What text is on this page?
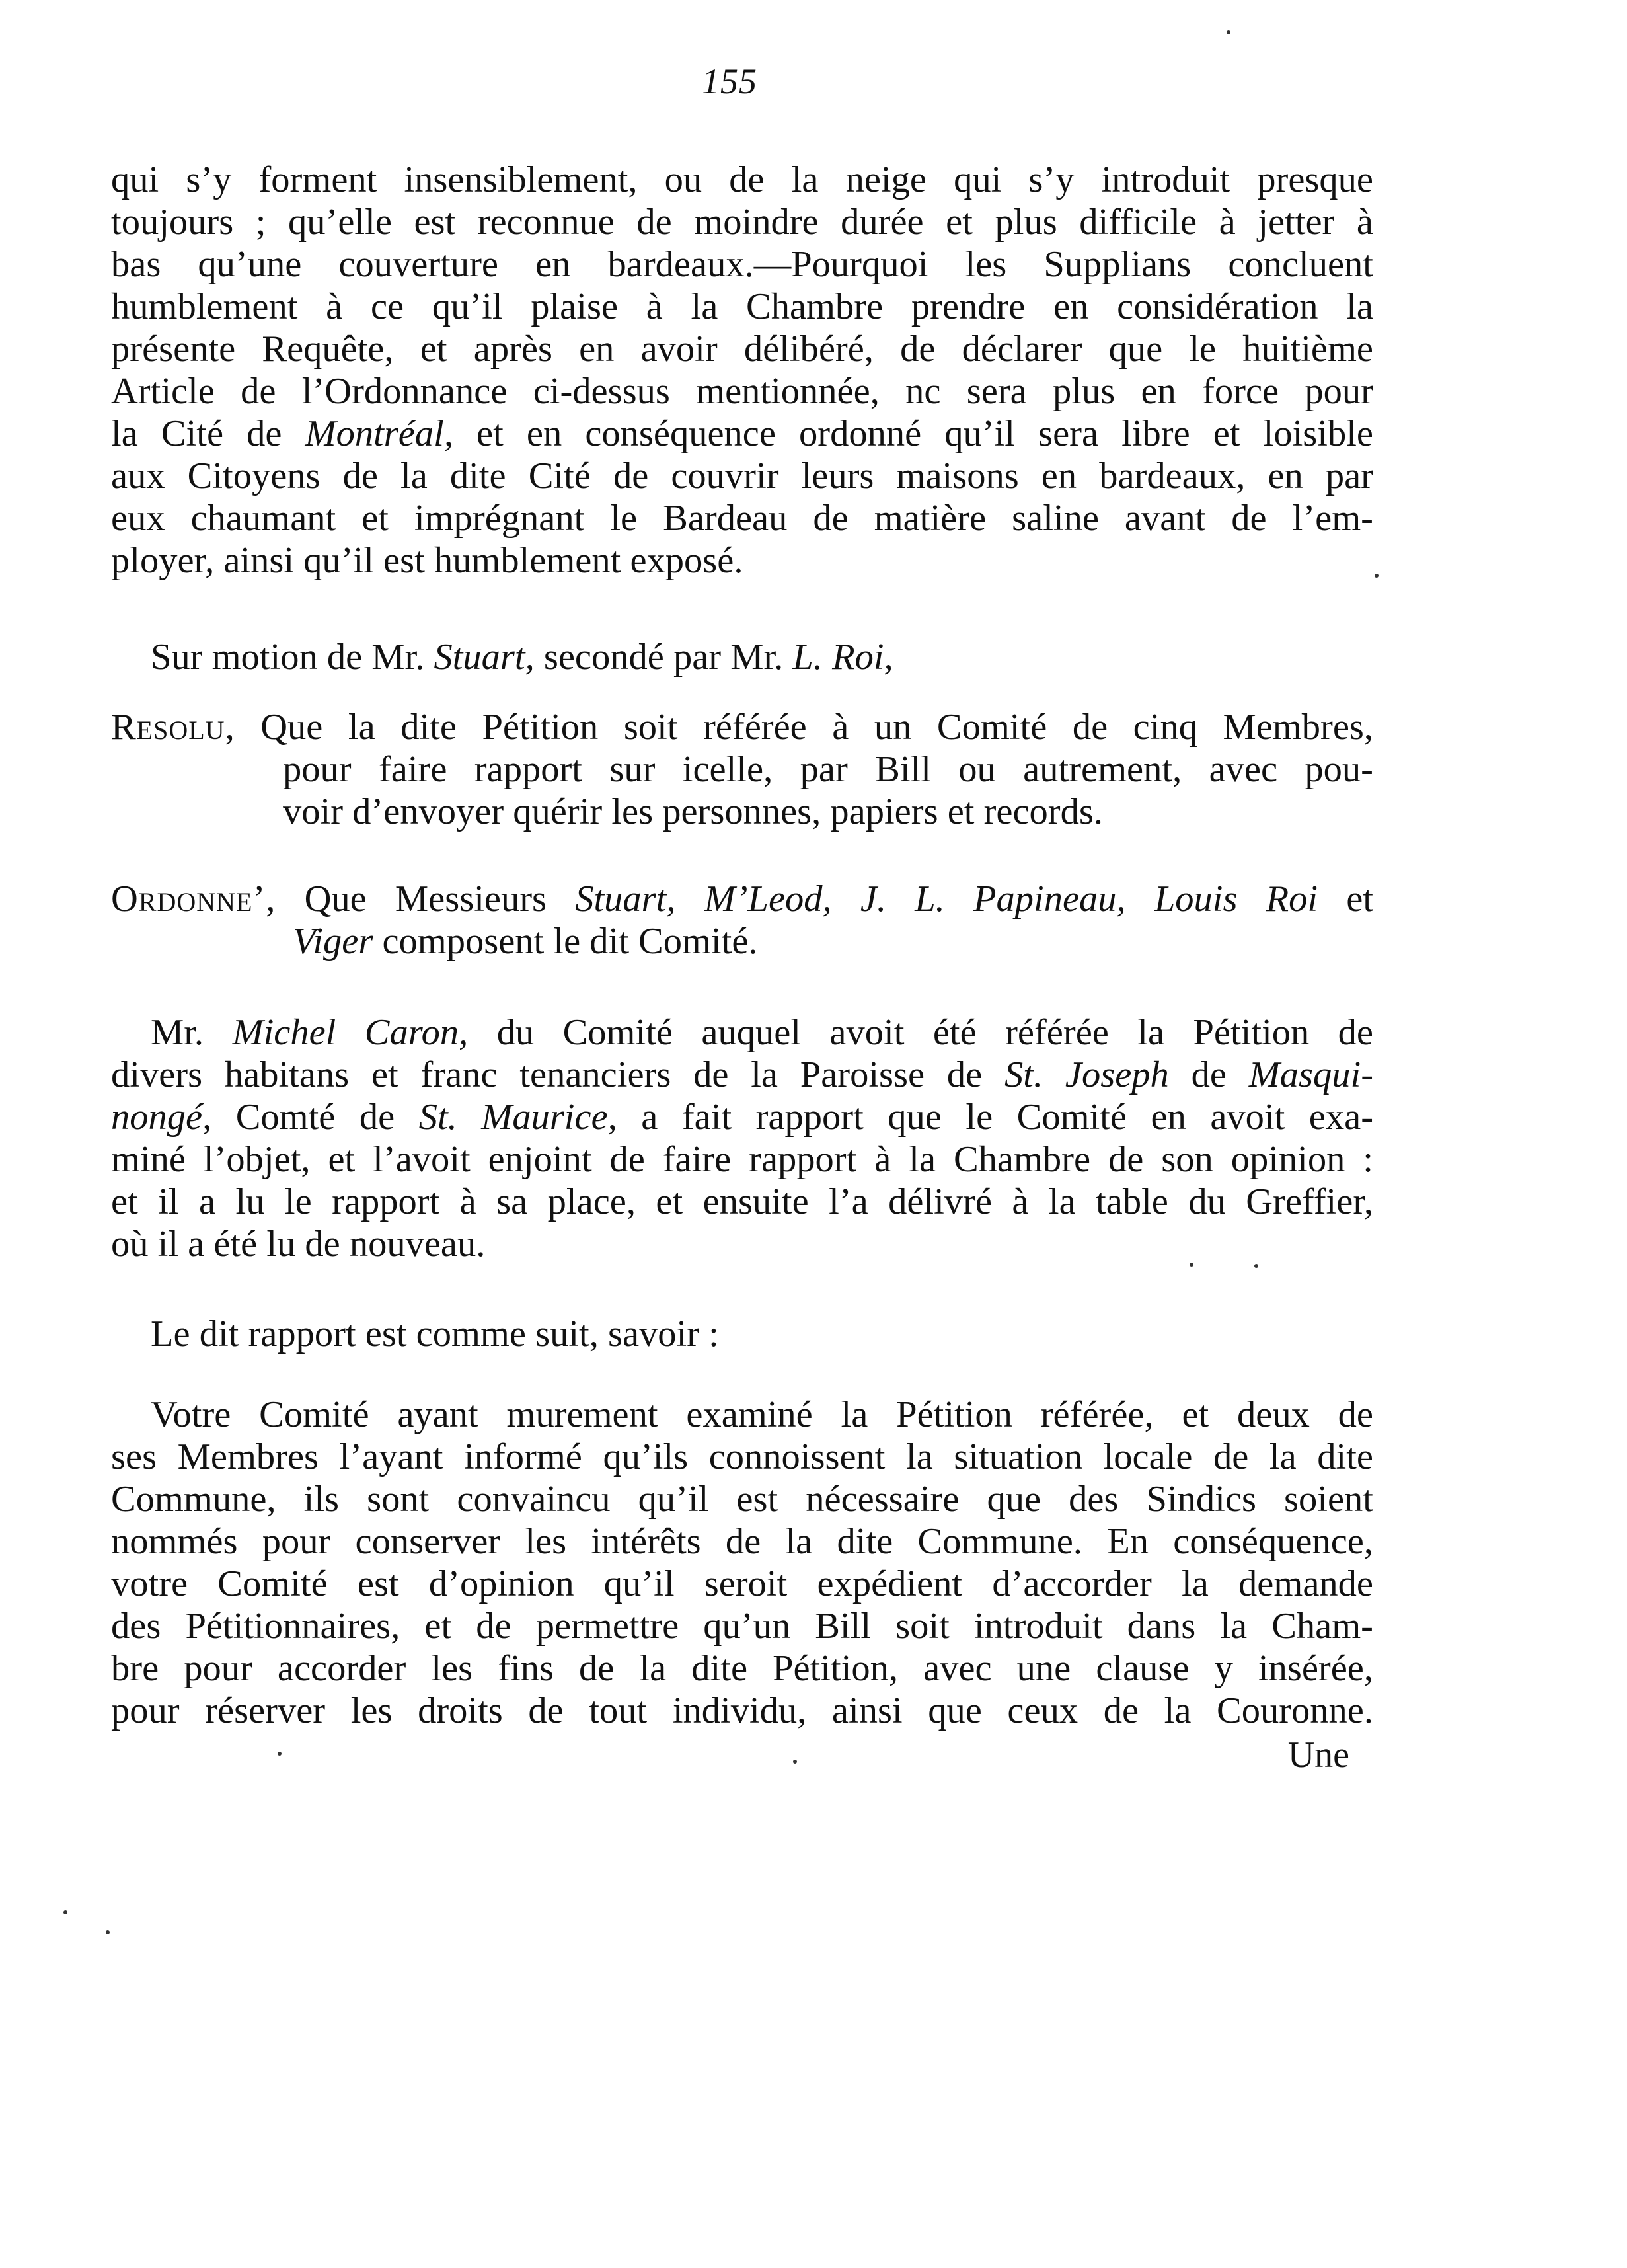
155
qui s’y forment insensiblement, ou de la neige qui s’y introduit presque
toujours ; qu’elle est reconnue de moindre durée et plus difficile à jetter à
bas qu’une couverture en bardeaux.—Pourquoi les Supplians concluent
humblement à ce qu’il plaise à la Chambre prendre en considération la
présente Requête, et après en avoir délibéré, de déclarer que le huitième
Article de l’Ordonnance ci-dessus mentionnée, nc sera plus en force pour
la Cité de Montréal, et en conséquence ordonné qu’il sera libre et loisible
aux Citoyens de la dite Cité de couvrir leurs maisons en bardeaux, en par
eux chaumant et imprégnant le Bardeau de matière saline avant de l’em-
ployer, ainsi qu’il est humblement exposé.
Sur motion de Mr. Stuart, secondé par Mr. L. Roi,
Resolu, Que la dite Pétition soit référée à un Comité de cinq Membres,
pour faire rapport sur icelle, par Bill ou autrement, avec pou-
voir d’envoyer quérir les personnes, papiers et records.
Ordonne’, Que Messieurs Stuart, M’Leod, J. L. Papineau, Louis Roi et
Viger composent le dit Comité.
Mr. Michel Caron, du Comité auquel avoit été référée la Pétition de
divers habitans et franc tenanciers de la Paroisse de St. Joseph de Masqui-
nongé, Comté de St. Maurice, a fait rapport que le Comité en avoit exa-
miné l’objet, et l’avoit enjoint de faire rapport à la Chambre de son opinion :
et il a lu le rapport à sa place, et ensuite l’a délivré à la table du Greffier,
où il a été lu de nouveau.
Le dit rapport est comme suit, savoir :
Votre Comité ayant murement examiné la Pétition référée, et deux de
ses Membres l’ayant informé qu’ils connoissent la situation locale de la dite
Commune, ils sont convaincu qu’il est nécessaire que des Sindics soient
nommés pour conserver les intérêts de la dite Commune. En conséquence,
votre Comité est d’opinion qu’il seroit expédient d’accorder la demande
des Pétitionnaires, et de permettre qu’un Bill soit introduit dans la Cham-
bre pour accorder les fins de la dite Pétition, avec une clause y insérée,
pour réserver les droits de tout individu, ainsi que ceux de la Couronne.
Une
